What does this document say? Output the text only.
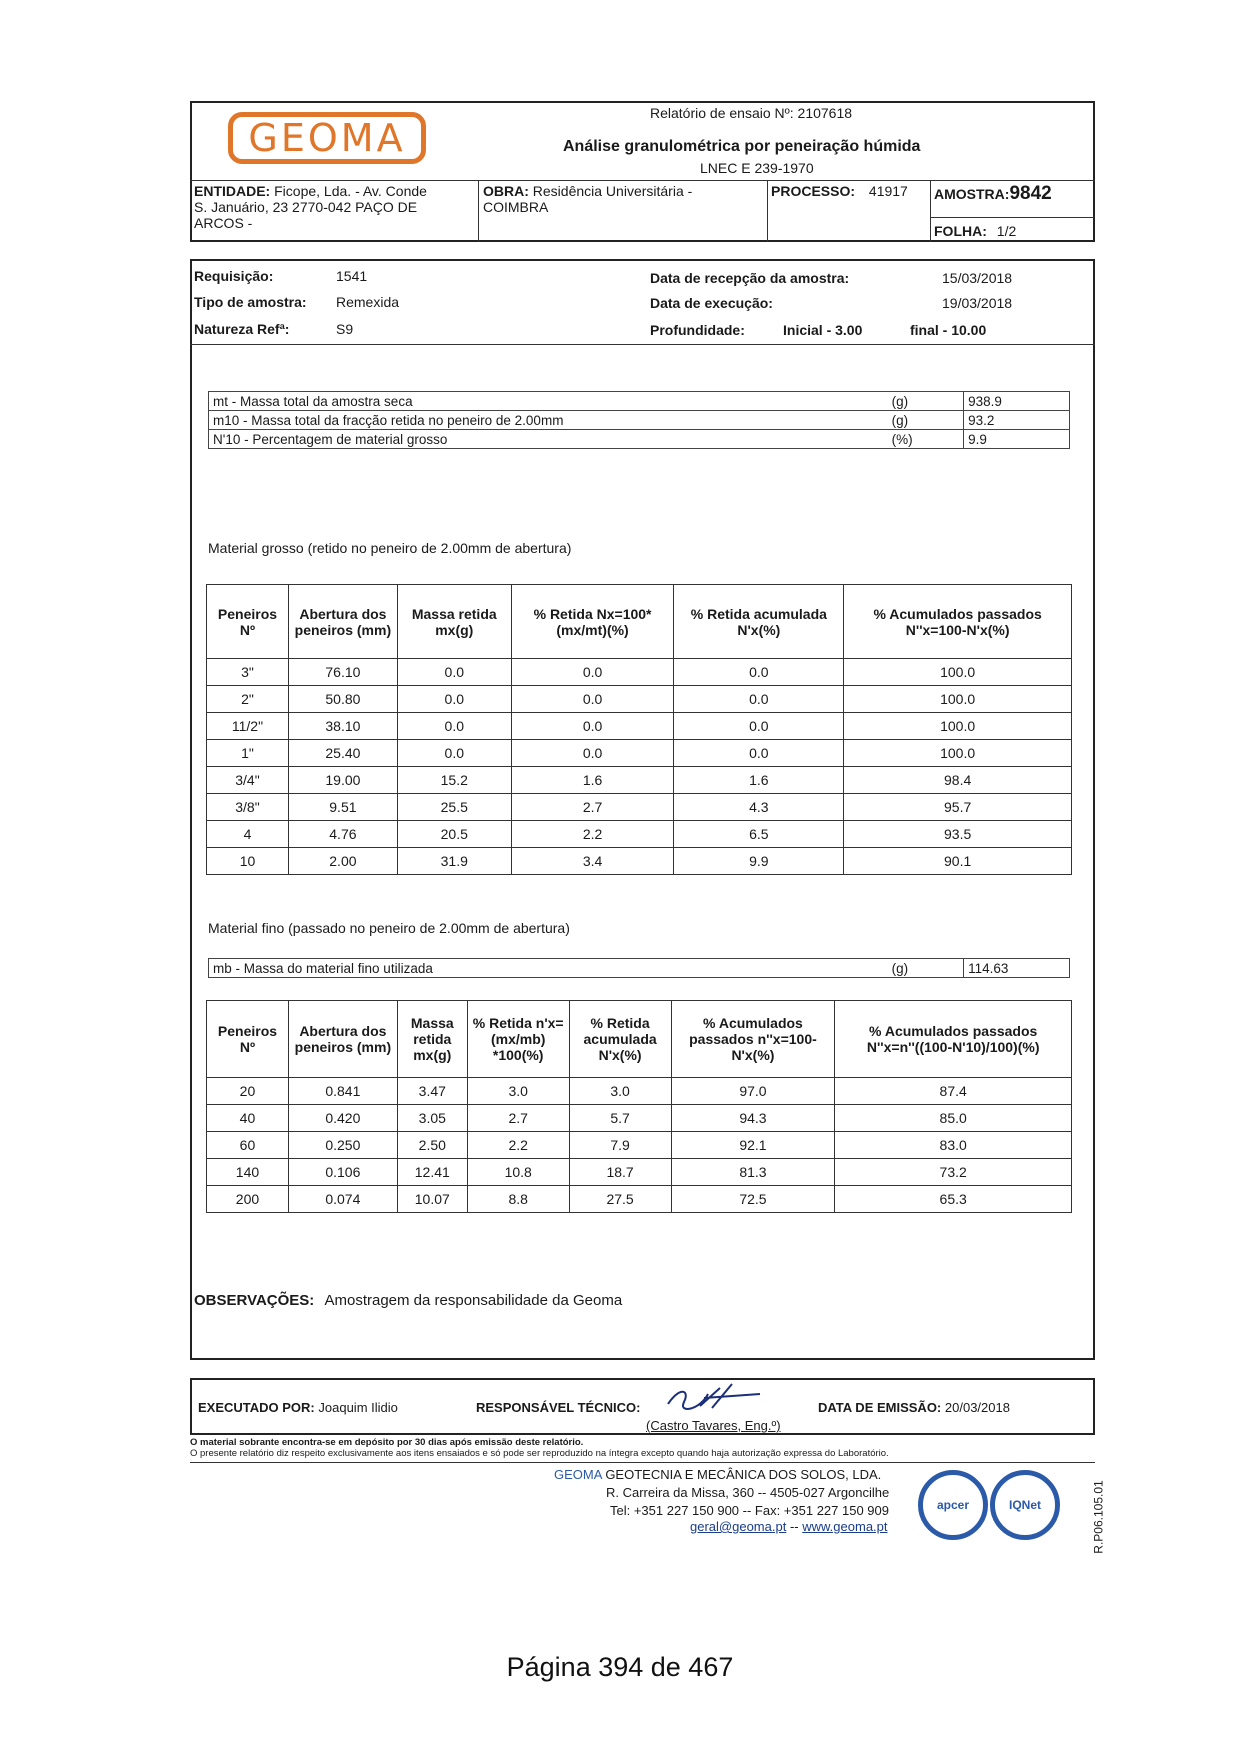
GEOMA
Relatório de ensaio Nº: 2107618
Análise granulométrica por peneiração húmida
LNEC E 239-1970
ENTIDADE: Ficope, Lda. - Av. Conde
S. Januário, 23 2770-042 PAÇO DE
ARCOS -
OBRA: Residência Universitária -
COIMBRA
PROCESSO: 41917 AMOSTRA:9842
FOLHA: 1/2
Requisição:	1541
Tipo de amostra: Remexida
Natureza Refª:	S9
Data de recepção da amostra:	15/03/2018
Data de execução:	19/03/2018
Profundidade:	Inicial - 3.00	final - 10.00
mt - Massa total da amostra seca	(g)	938.9
m10 - Massa total da fracção retida no peneiro de 2.00mm	(g)	93.2
N'10 - Percentagem de material grosso	(%)	9.9
Material grosso (retido no peneiro de 2.00mm de abertura)
Peneiros Nº	Abertura dos peneiros (mm)	Massa retida mx(g)	% Retida Nx=100*(mx/mt)(%)	% Retida acumulada N'x(%)	% Acumulados passados N''x=100-N'x(%)
3"	76.10	0.0	0.0	0.0	100.0
2"	50.80	0.0	0.0	0.0	100.0
11/2"	38.10	0.0	0.0	0.0	100.0
1"	25.40	0.0	0.0	0.0	100.0
3/4"	19.00	15.2	1.6	1.6	98.4
3/8"	9.51	25.5	2.7	4.3	95.7
4	4.76	20.5	2.2	6.5	93.5
10	2.00	31.9	3.4	9.9	90.1
Material fino (passado no peneiro de 2.00mm de abertura)
mb - Massa do material fino utilizada	(g)	114.63
Peneiros Nº	Abertura dos peneiros (mm)	Massa retida mx(g)	% Retida n'x=(mx/mb) *100(%)	% Retida acumulada N'x(%)	% Acumulados passados n''x=100-N'x(%)	% Acumulados passados N''x=n''((100-N'10)/100)(%)
20	0.841	3.47	3.0	3.0	97.0	87.4
40	0.420	3.05	2.7	5.7	94.3	85.0
60	0.250	2.50	2.2	7.9	92.1	83.0
140	0.106	12.41	10.8	18.7	81.3	73.2
200	0.074	10.07	8.8	27.5	72.5	65.3
OBSERVAÇÕES: Amostragem da responsabilidade da Geoma
EXECUTADO POR: Joaquim Ilidio	RESPONSÁVEL TÉCNICO:
(Castro Tavares, Eng.º)
DATA DE EMISSÃO: 20/03/2018
O material sobrante encontra-se em depósito por 30 dias após emissão deste relatório.
O presente relatório diz respeito exclusivamente aos itens ensaiados e só pode ser reproduzido na íntegra excepto quando haja autorização expressa do Laboratório.
GEOMA GEOTECNIA E MECÂNICA DOS SOLOS, LDA.
R. Carreira da Missa, 360 -- 4505-027 Argoncilhe
Tel: +351 227 150 900 -- Fax: +351 227 150 909
geral@geoma.pt -- www.geoma.pt
apcer	IQNet	R.P06.105.01
Página 394 de 467
